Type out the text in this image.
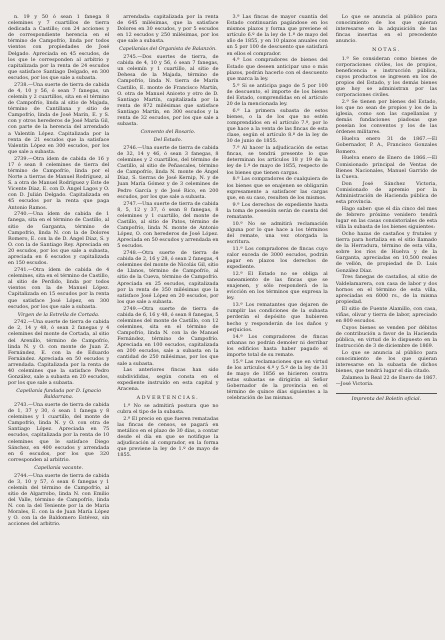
n. 19 y 50 ó sean 1 fanega 8 celemines y 7 cuartillos de tierra dedicada a Castillo; con 24 acciones y de correspondiente herencia en el término de Campofrío, linda por todos vientos con propiedades de José Delgado. Apreciada en 45 escudos, de los que le corresponden al arbitrio y capitalizada por la renta de 24 escudos que satisface Santiago Delgado, en 300 escudos, por los que sale a subasta.

2738.—Una suerte de tierra de cabida de 4, 10 y 56, ó sean 7 fanegas, un celemín y 2 cuartillos, sita en el término de Campofrío, linda al sitio de Majada, término de Cantillana y sitio de Campofrío, linda de José Marín, E. y S. con y otros herederos de José María Gil, con parte de la herencia del arrendado a Valentín López. Capitalizada por la renta de 21 escudos que la satisface Valentín López en 300 escudos, por los que sale a subasta.

2739.—Otra ídem de cabida de 16 y 17 ó sean 8 celemines de tierra del término de Campofrío, linda por el Norte a tierras de Manuel Rodríguez, al S. a otra de Manuel Rodríguez y Este de Vicente Díaz, E. con D. Ángel Lagos y O. con D. Julián Delgado. Capitalizada en 45 escudos por la renta que paga Antonio Ramos.

2740.—Una ídem de cabida de 1 fanega, sita en el término de Castillo, al sitio de Garganta, término de Campofrío, linda N. con la de Dolores Romero, E. con la de D. Ángel Díaz, S. y O. con la de Santiago Rey. Apreciada en 20 escudos, por los que sale a subasta, apreciada en 6 escudos y capitalizada en 150 escudos.

2741.—Otra ídem de cabida de 4 celemines, sita en el término de Castillo, al sitio de Perdido, linda por todos vientos con la de Manuel López. Capitalizada en 15 escudos por la renta que satisface José López, en 300 escudos, por los que sale a subasta.

Virgen de la Estrella de Cortada.

2742.—Una suerte de tierra de cabida de 2, 14 y 48, ó sean 2 fanegas y 4 celemines del monte de Cortada, al sitio del Arenillo, término de Campofrío, linda N. y O. con monte de Juan Z. Fernández, E. con la de Eduardo Fernández. Apreciada en 50 escudos y arrendada. Capitalizada por la renta de 40 celemines que la satisface Pedro González, sale a subasta en 20 escudos, por los que sale a subasta.

Capellanía fundada por D. Ignacio Baldarrana.

2743.—Una suerte de tierra de cabida de 1, 37 y 30, ó sean 1 fanega y 8 celemines y 1 cuartillo, del monte de Campofrío, linda N. y O. con otra de Santiago López. Apreciada en 75 escudos, capitalizada por la renta de 10 celemines que le satisface Diego Sánchez, en 400 escudos y arrendada en 6 escudos, por los que 320 corresponden al arbitrio.

Capellanía vacante.

2744.—Una suerte de tierra de cabida de 3, 10 y 57, ó sean 6 fanegas y 1 celemín del término de Campofrío, al sitio de Algarrobo, linda N. con Emilio del Valle, término de Campofrío, linda N. con la del Teniente por la de María Morales, E. con la de Juan María López y O. con la de Baldomero Estévez, sin acciones del arbitrio.

arrendada: capitalizada por la renta de 645 milésimas, que la satisface Dolores en 30 escudos, y por 5 escudos en 12 escudos y 250 milésimas, por los que sale a subasta.

Capellanías del Organista de Balanzón.

2745.—Dos suertes de tierra, de cabida de 4, 10 y 56, ó sean 7 fanegas, un celemín y 1 cuartillo, al sitio de Dehesa de la Majada, término de Campofrío, linda N. tierra de Marín Castillo, E. monte de Francisco Martín, O. otra de Manuel Aniceto y otro de D. Santiago Martín, capitalizada por la renta de 872 milésimas que satisface Santiago Martín, en 300 escudos y la renta de 32 escudos, por los que sale a subasta.

Convento del Rosario.

Del Estado.

2746.—Una suerte de tierra de cabida de 32, 14 y 46, ó sean 3 fanegas, 8 celemines y 2 cuartillos, del término de Castillo, al sitio de Peñascales, término de Campofrío, linda N. monte de Ángel Díaz, S. tierras de José Kernip, N. y de Juan María Gómez y de 3 celemines de Pedro García y de José Rico, en 200 escudos, por los que sale a subasta.

2747.—Una suerte de tierra de cabida 8, 5, 12 y 37, ó sean 8 fanegas, 8 celemines y 1 cuartillo, del monte de Castillo, al sitio de Patos, término de Campofrío, linda N. monte de Antonio López, O. con herederos de José López. Apreciada en 50 escudos y arrendada en 5 escudos.

2748.—Otra suerte de tierra de cabida de 2, 16 y 28, ó sean 2 fanegas, 4 celemines del monte de Nicolás Gil, sitio de Llanos, término de Campofrío, al sitio de la Cueva, término de Campofrío. Apreciada en 25 escudos, capitalizada por la renta de 350 milésimas que la satisface José López en 20 escudos, por los que sale a subasta.

2749.—Otra suerte de tierra de cabida de 6, 16 y 48, ó sean 8 fanegas, 5 celemines del monte de Castillo, con 12 celemines, sita en el término de Campofrío, linda N. con la de Manuel Fernández, término de Campofrío. Apreciada en 100 escudos, capitalizada en 200 escudos, sale a subasta en la cantidad de 250 milésimas, por los que sale a subasta.

Las anteriores fincas han sido subdivididas, según consta en el expediente instruído en esta capital y Aracena.

ADVERTENCIAS.

1.ª No se admitirá postura que no cubra el tipo de la subasta.

2.ª El precio en que fueren rematadas las fincas de censos, se pagará en metálico en el plazo de 30 días, a contar desde el día en que se notifique la adjudicación al comprador, en la forma que previene la ley de 1.º de mayo de 1855.

3.ª Las fincas de mayor cuantía del Estado continuarán pagándose en los mismos plazos y forma que previene el artículo 6.º de la ley de 1.º de mayo del año de 1855, y en 10 plazos anuales con un 5 por 100 de descuento que satisfará en ellos el comprador.

4.ª Los compradores de bienes del Estado que deseen anticipar uno o más plazos, podrán hacerlo con el descuento que marca la ley.

5.ª Si se anticipa pago de 5 por 100 de descuento, el importe de los bienes del Estado, comprendidas en el artículo 20 de la mencionada ley.

6.ª La primera subasta de estos bienes, o la de los que no estén comprendidos en el artículo 7.º, por lo que hace a la venta de las fincas de esta clase, según el artículo 8.º de la ley de 30 de junio de 1855.

7.ª Al hacer la adjudicación de estas fincas, se tendrá presente lo que determinan los artículos 18 y 19 de la ley de 1.º de mayo de 1855, respecto de los bienes que tienen cargas.

8.ª Los compradores de cualquiera de los bienes que se enajenen se obligarán expresamente a satisfacer las cargas que, en su caso, resulten de los mismos.

9.ª Los derechos de expediente hasta la toma de posesión serán de cuenta del rematante.

10.ª No se admitirá reclamación alguna por lo que hace a los términos del remate, una vez otorgada la escritura.

11.ª Los compradores de fincas cuyo valor exceda de 3000 escudos, podrán pagar en plazos los derechos de expediente.

12.ª El Estado no se obliga al saneamiento de las fincas que se enajenen, y sólo responderá de la evicción en los términos que expresa la ley.

13.ª Los rematantes que dejaren de cumplir las condiciones de la subasta perderán el depósito que hubieren hecho y responderán de los daños y perjuicios.

14.ª Los compradores de fincas urbanas no podrán demoler ni derribar los edificios hasta haber pagado el importe total de su remate.

15.ª Las reclamaciones que en virtud de los artículos 4.º y 5.º de la ley de 31 de mayo de 1856 se hicieren contra estas subastas se dirigirán al Señor Gobernador de la provincia en el término de quince días siguientes a la celebración de las mismas.

Lo que se anuncia al público para conocimiento de los que quieran interesarse en la adquisición de las fincas insertas en el precedente anuncio.

NOTAS.

1.ª Se consideran como bienes de corporaciones civiles, los de propios, beneficencia e instrucción pública, cuyos productos se ingresen en los de propios del Estado, y los demás bienes que hoy se administran por las corporaciones civiles.

2.ª Se tienen por bienes del Estado, los que no sean de propios y los de la iglesia, como son las capellanías y demás fundaciones piadosas que poseían los conventos y los de las órdenes militares.

Huelva enero 31 de 1867.—El Gobernador, P. A., Francisco Gonzales Romero.

Huelva enero de Enero de 1866.—El Comisionado principal de Ventas de Bienes Nacionales, Manuel Garrido de la Cueva.

Don José Sánchez Victoria, Comisionado de apremio por la Administración de Hacienda pública de esta provincia.

Hago saber: que el día cinco del mes de febrero próximo venidero tendrá lugar en las casas consistoriales de esta villa la subasta de los bienes siguientes:

Ocho hazas de castaños y frutales y tierra para hortaliza en el sitio llamado de la Herradura, término de esta villa, sobre los ríos de Huelva y de la Garganta, apreciadas en 10,500 reales de vellón, de propiedad de D. Luis González Díaz.

Tres fanegas de castaños, al sitio de Valdelamarera, con casa de labor y dos hornos en el término de esta villa, apreciadas en 6000 rs., de la misma propiedad.

El sitio de Fuente Alamillo, con casa, viñas, olivar y tierra de labor, apreciado en 800 escudos.

Cuyos bienes se venden por débitos de contribución a favor de la Hacienda pública, en virtud de lo dispuesto en la Instrucción de 3 de diciembre de 1869.

Lo que se anuncia al público para conocimiento de los que quieran interesarse en la subasta de dichos bienes, que tendrá lugar el día citado.

Zalamea la Real 22 de Enero de 1867.—José Victoria.

Imprenta del Boletín oficial.
